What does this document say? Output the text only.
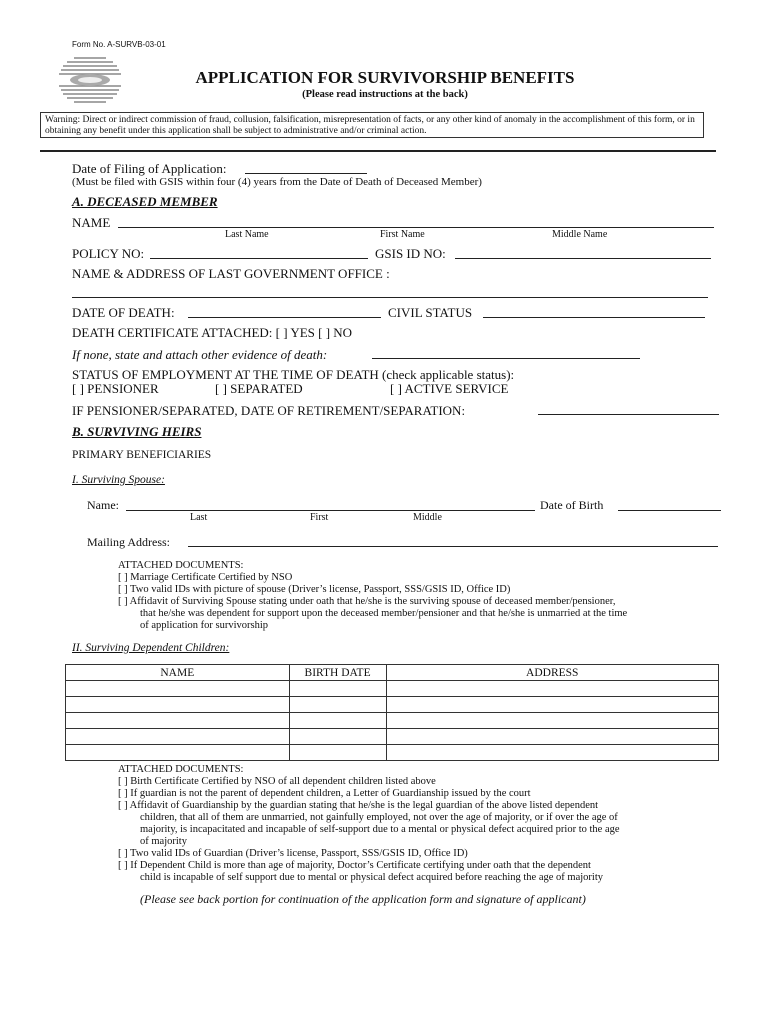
Form No. A-SURVB-03-01
APPLICATION FOR SURVIVORSHIP BENEFITS
(Please read instructions at the back)
Warning: Direct or indirect commission of fraud, collusion, falsification, misrepresentation of facts, or any other kind of anomaly in the accomplishment of this form, or in obtaining any benefit under this application shall be subject to administrative and/or criminal action.
Date of Filing of Application:
(Must be filed with GSIS within four (4) years from the Date of Death of Deceased Member)
A. DECEASED MEMBER
NAME
Last Name	First Name	Middle Name
POLICY NO:	GSIS ID NO:
NAME & ADDRESS OF LAST GOVERNMENT OFFICE :
DATE OF DEATH:	CIVIL STATUS
DEATH CERTIFICATE ATTACHED: [ ] YES [ ] NO
If none, state and attach other evidence of death:
STATUS OF EMPLOYMENT AT THE TIME OF DEATH (check applicable status):
[ ] PENSIONER	[ ] SEPARATED	[ ] ACTIVE SERVICE
IF PENSIONER/SEPARATED, DATE OF RETIREMENT/SEPARATION:
B. SURVIVING HEIRS
PRIMARY BENEFICIARIES
I. Surviving Spouse:
Name:	Date of Birth
Last	First	Middle
Mailing Address:
ATTACHED DOCUMENTS:
[ ] Marriage Certificate Certified by NSO
[ ] Two valid IDs with picture of spouse (Driver’s license, Passport, SSS/GSIS ID, Office ID)
[ ] Affidavit of Surviving Spouse stating under oath that he/she is the surviving spouse of deceased member/pensioner,
that he/she was dependent for support upon the deceased member/pensioner and that he/she is unmarried at the time
of application for survivorship
II. Surviving Dependent Children:
NAME	BIRTH DATE	ADDRESS

ATTACHED DOCUMENTS:
[ ] Birth Certificate Certified by NSO of all dependent children listed above
[ ] If guardian is not the parent of dependent children, a Letter of Guardianship issued by the court
[ ] Affidavit of Guardianship by the guardian stating that he/she is the legal guardian of the above listed dependent
children, that all of them are unmarried, not gainfully employed, not over the age of majority, or if over the age of
majority, is incapacitated and incapable of self-support due to a mental or physical defect acquired prior to the age
of majority
[ ] Two valid IDs of Guardian (Driver’s license, Passport, SSS/GSIS ID, Office ID)
[ ] If Dependent Child is more than age of majority, Doctor’s Certificate certifying under oath that the dependent
child is incapable of self support due to mental or physical defect acquired before reaching the age of majority
(Please see back portion for continuation of the application form and signature of applicant)
